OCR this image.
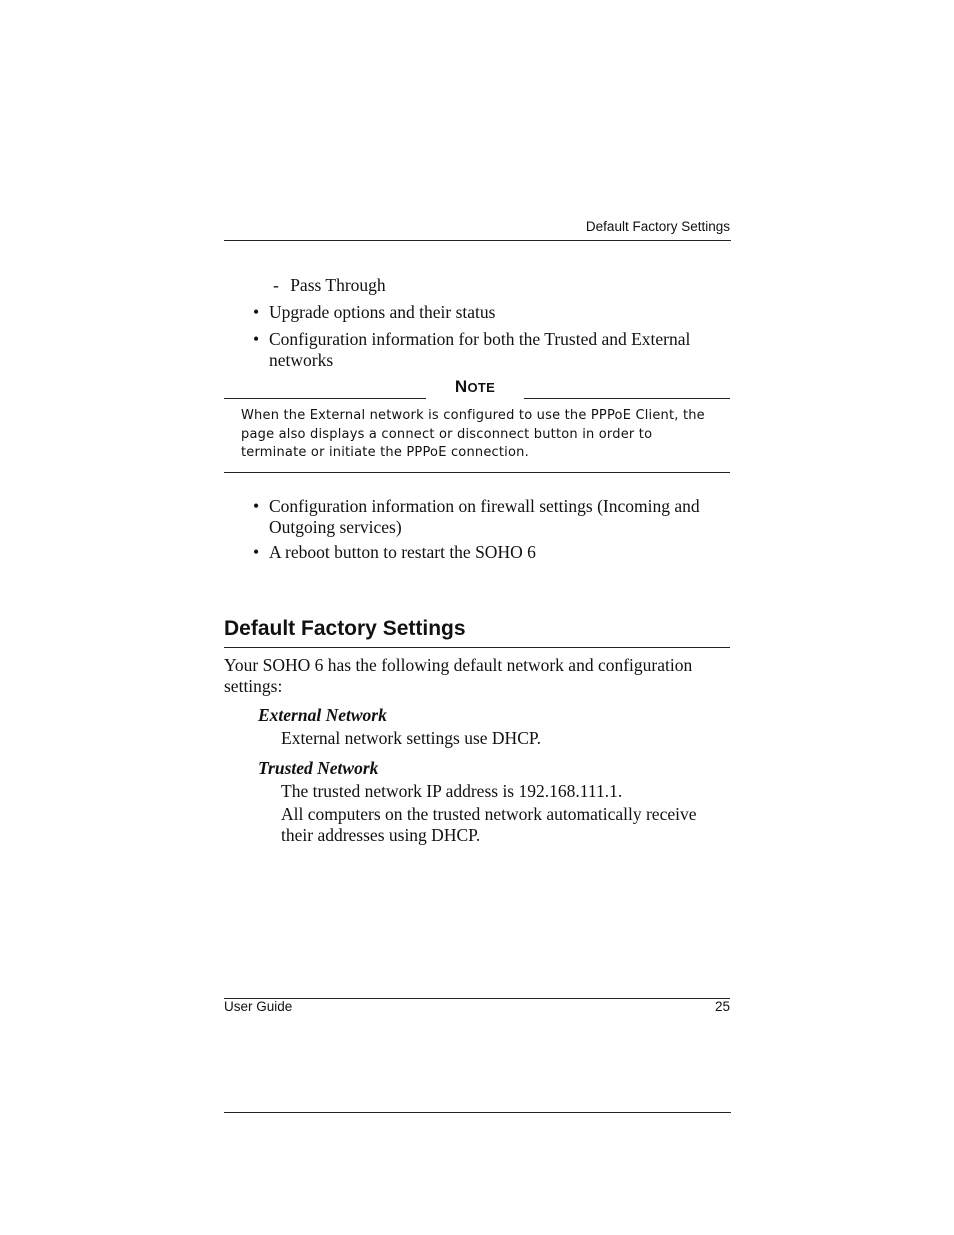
Default Factory Settings
- Pass Through
• Upgrade options and their status
• Configuration information for both the Trusted and External networks
NOTE
When the External network is configured to use the PPPoE Client, the page also displays a connect or disconnect button in order to terminate or initiate the PPPoE connection.
• Configuration information on firewall settings (Incoming and Outgoing services)
• A reboot button to restart the SOHO 6
Default Factory Settings
Your SOHO 6 has the following default network and configuration settings:
External Network
External network settings use DHCP.
Trusted Network
The trusted network IP address is 192.168.111.1.
All computers on the trusted network automatically receive their addresses using DHCP.
User Guide	25
